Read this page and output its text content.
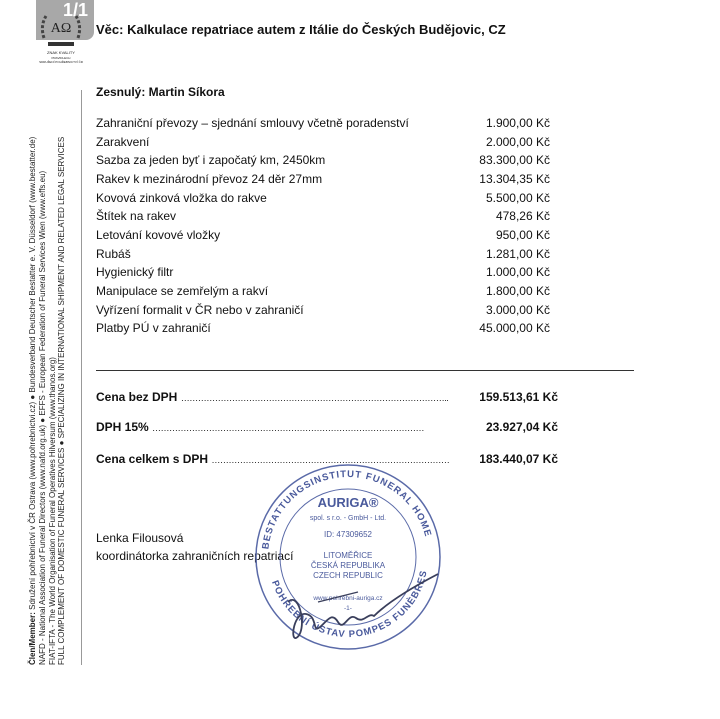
1/1
AΩ
ZNAK KVALITY
PRAVIDLECH
SDRUŽENÍ POHŘEBNICTVÍ ČR
Věc: Kalkulace repatriace autem z Itálie do Českých Budějovic, CZ
Zesnulý: Martin Síkora
Zahraniční převozy – sjednání smlouvy včetně poradenství	1.900,00 Kč
Zarakvení	2.000,00 Kč
Sazba za jeden byť i započatý km, 2450km	83.300,00 Kč
Rakev k mezinárodní převoz 24 děr 27mm	13.304,35 Kč
Kovová zinková vložka do rakve	5.500,00 Kč
Štítek na rakev	478,26 Kč
Letování kovové vložky	950,00 Kč
Rubáš	1.281,00 Kč
Hygienický filtr	1.000,00 Kč
Manipulace se zemřelým a rakví	1.800,00 Kč
Vyřízení formalit v ČR nebo v zahraničí	3.000,00 Kč
Platby PÚ v zahraničí	45.000,00 Kč
Cena bez DPH …………………………………………………………………………………..	159.513,61 Kč
DPH 15% ……………………………………………………………………………………	23.927,04 Kč
Cena celkem s DPH …………………………………………………………………………	183.440,07 Kč
Lenka Filousová
koordinátorka zahraničních repatriací
BESTATTUNGSINSTITUT FUNERAL HOME
POHŘEBNÍ ÚSTAV POMPES FUNÈBRES
AURIGA®
spol. s r.o. - GmbH - Ltd.
ID: 47309652
LITOMĚŘICE
ČESKÁ REPUBLIKA
CZECH REPUBLIC
www.pohrebni-auriga.cz
-1-
Člen/Member: Sdružení pohřebnictví v ČR Ostrava (www.pohrebnictvi.cz) ● Bundesverband Deutscher Bestatter e. V. Düsseldorf (www.bestatter.de) NAFD - National Association of Funeral Directors (www.nafd.org.uk) ● EFFS - European Federation of Funeral Services Wien (www.effs.eu) FIAT-IFTA - The World Organisation of Funeral Operatives Hilversum (www.thanos.org) FULL COMPLEMENT OF DOMESTIC FUNERAL SERVICES ● SPECIALIZING IN INTERNATIONAL SHIPMENT AND RELATED LEGAL SERVICES
